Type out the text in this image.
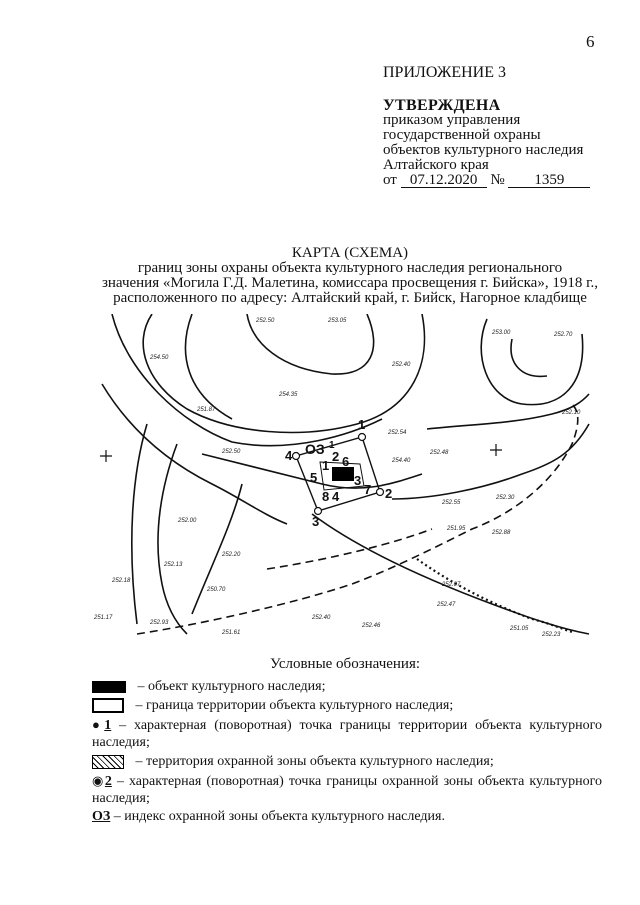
6
ПРИЛОЖЕНИЕ 3
УТВЕРЖДЕНА
приказом управления
государственной охраны
объектов культурного наследия
Алтайского края
от 07.12.2020 № 1359
КАРТА (СХЕМА)
границ зоны охраны объекта культурного наследия регионального
значения «Могила Г.Д. Малетина, комиссара просвещения г. Бийска», 1918 г.,
расположенного по адресу: Алтайский край, г. Бийск, Нагорное кладбище
1
2
3
4
5
6
3
7
8 4
1
2
ОЗ 1
252.50	253.05
254.50
252.40
254.35
251.87
252.50
252.00
252.13
252.20
251.61
252.18
250.70
251.17
252.93
252.40
252.46
252.48
252.54
254.40
252.55
252.30
253.00	252.70
252.10
251.95
252.88
252.07
252.47
251.05
252.23
Условные обозначения:
– объект культурного наследия;
– граница территории объекта культурного наследия;
●1 – характерная (поворотная) точка границы территории объекта культурного наследия;
– территория охранной зоны объекта культурного наследия;
◉2 – характерная (поворотная) точка границы охранной зоны объекта культурного наследия;
ОЗ – индекс охранной зоны объекта культурного наследия.
